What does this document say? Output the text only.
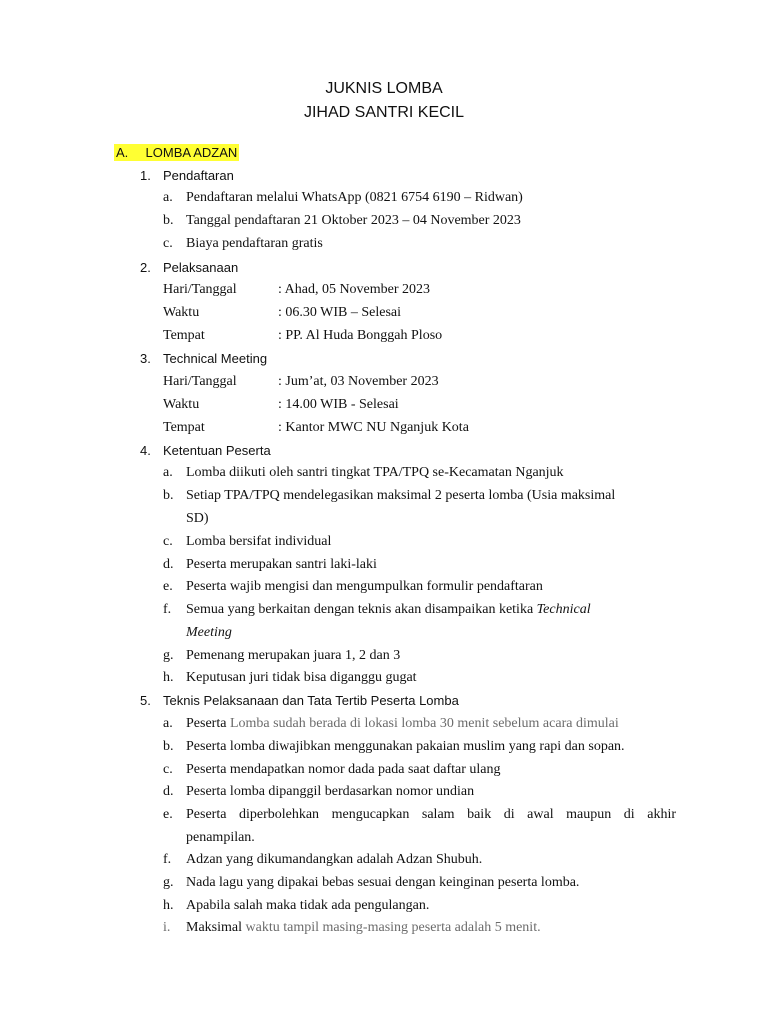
JUKNIS LOMBA
JIHAD SANTRI KECIL
A. LOMBA ADZAN
1. Pendaftaran
a. Pendaftaran melalui WhatsApp (0821 6754 6190 – Ridwan)
b. Tanggal pendaftaran 21 Oktober 2023 – 04 November 2023
c. Biaya pendaftaran gratis
2. Pelaksanaan
Hari/Tanggal	: Ahad, 05 November 2023
Waktu	: 06.30 WIB – Selesai
Tempat	: PP. Al Huda Bonggah Ploso
3. Technical Meeting
Hari/Tanggal	: Jum’at, 03 November 2023
Waktu	: 14.00 WIB - Selesai
Tempat	: Kantor MWC NU Nganjuk Kota
4. Ketentuan Peserta
a. Lomba diikuti oleh santri tingkat TPA/TPQ se-Kecamatan Nganjuk
b. Setiap TPA/TPQ mendelegasikan maksimal 2 peserta lomba (Usia maksimal
SD)
c. Lomba bersifat individual
d. Peserta merupakan santri laki-laki
e. Peserta wajib mengisi dan mengumpulkan formulir pendaftaran
f. Semua yang berkaitan dengan teknis akan disampaikan ketika Technical
Meeting
g. Pemenang merupakan juara 1, 2 dan 3
h. Keputusan juri tidak bisa diganggu gugat
5. Teknis Pelaksanaan dan Tata Tertib Peserta Lomba
a. Peserta Lomba sudah berada di lokasi lomba 30 menit sebelum acara dimulai
b. Peserta lomba diwajibkan menggunakan pakaian muslim yang rapi dan sopan.
c. Peserta mendapatkan nomor dada pada saat daftar ulang
d. Peserta lomba dipanggil berdasarkan nomor undian
e. Peserta diperbolehkan mengucapkan salam baik di awal maupun di akhir
penampilan.
f. Adzan yang dikumandangkan adalah Adzan Shubuh.
g. Nada lagu yang dipakai bebas sesuai dengan keinginan peserta lomba.
h. Apabila salah maka tidak ada pengulangan.
i. Maksimal waktu tampil masing-masing peserta adalah 5 menit.
